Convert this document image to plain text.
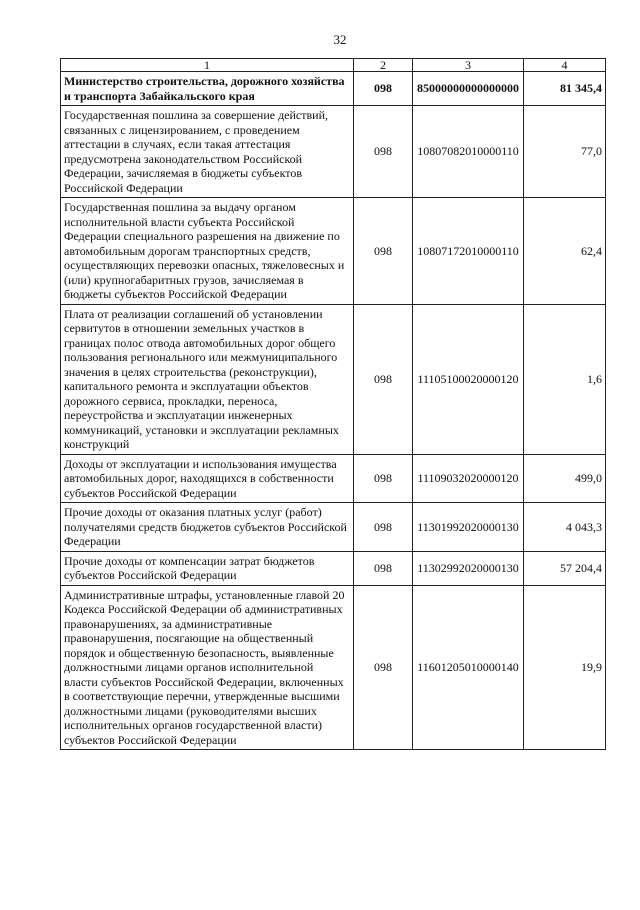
32
1	2	3	4
Министерство строительства, дорожного хозяйства и транспорта Забайкальского края	098	85000000000000000	81 345,4
Государственная пошлина за совершение действий, связанных с лицензированием, с проведением аттестации в случаях, если такая аттестация предусмотрена законодательством Российской Федерации, зачисляемая в бюджеты субъектов Российской Федерации	098	10807082010000110	77,0
Государственная пошлина за выдачу органом исполнительной власти субъекта Российской Федерации специального разрешения на движение по автомобильным дорогам транспортных средств, осуществляющих перевозки опасных, тяжеловесных и (или) крупногабаритных грузов, зачисляемая в бюджеты субъектов Российской Федерации	098	10807172010000110	62,4
Плата от реализации соглашений об установлении сервитутов в отношении земельных участков в границах полос отвода автомобильных дорог общего пользования регионального или межмуниципального значения в целях строительства (реконструкции), капитального ремонта и эксплуатации объектов дорожного сервиса, прокладки, переноса, переустройства и эксплуатации инженерных коммуникаций, установки и эксплуатации рекламных конструкций	098	11105100020000120	1,6
Доходы от эксплуатации и использования имущества автомобильных дорог, находящихся в собственности субъектов Российской Федерации	098	11109032020000120	499,0
Прочие доходы от оказания платных услуг (работ) получателями средств бюджетов субъектов Российской Федерации	098	11301992020000130	4 043,3
Прочие доходы от компенсации затрат бюджетов субъектов Российской Федерации	098	11302992020000130	57 204,4
Административные штрафы, установленные главой 20 Кодекса Российской Федерации об административных правонарушениях, за административные правонарушения, посягающие на общественный порядок и общественную безопасность, выявленные должностными лицами органов исполнительной власти субъектов Российской Федерации, включенных в соответствующие перечни, утвержденные высшими должностными лицами (руководителями высших исполнительных органов государственной власти) субъектов Российской Федерации	098	11601205010000140	19,9
